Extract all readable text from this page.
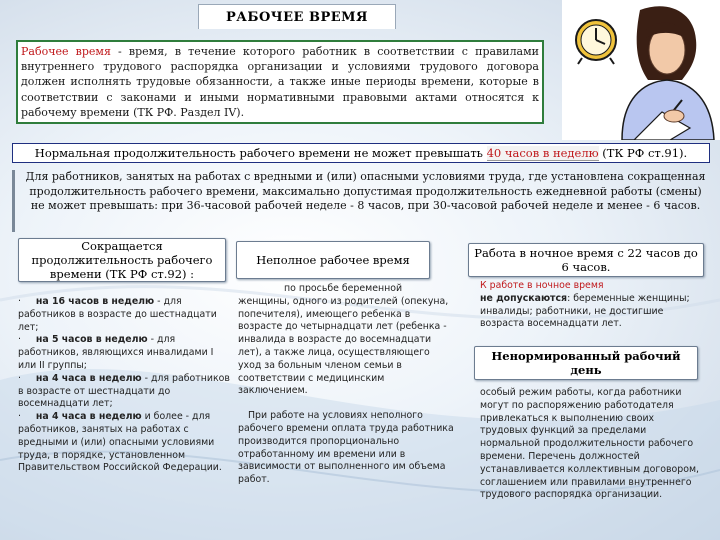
РАБОЧЕЕ ВРЕМЯ
Рабочее время - время, в течение которого работник в соответствии с правилами внутреннего трудового распорядка организации и условиями трудового договора должен исполнять трудовые обязанности, а также иные периоды времени, которые в соответствии с законами и иными нормативными правовыми актами относятся к рабочему времени (ТК РФ. Раздел IV).
Нормальная продолжительность рабочего времени не может превышать 40 часов в неделю (ТК РФ ст.91).
Для работников, занятых на работах с вредными и (или) опасными условиями труда, где установлена сокращенная продолжительность рабочего времени, максимально допустимая продолжительность ежедневной работы (смены) не может превышать: при 36-часовой рабочей неделе - 8 часов, при 30-часовой рабочей неделе и менее - 6 часов.
Сокращается продолжительность рабочего времени (ТК РФ ст.92) :
Неполное рабочее время	Работа в ночное время с 22 часов до 6 часов.

· на 16 часов в неделю - для работников в возрасте до шестнадцати лет;

· на 5 часов в неделю - для работников, являющихся инвалидами I или II группы;

· на 4 часа в неделю - для работников в возрасте от шестнадцати до восемнадцати лет;

· на 4 часа в неделю и более - для работников, занятых на работах с вредными и (или) опасными условиями труда, в порядке, установленном Правительством Российской Федерации.

по просьбе беременной женщины, одного из родителей (опекуна, попечителя), имеющего ребенка в возрасте до четырнадцати лет (ребенка - инвалида в возрасте до восемнадцати лет), а также лица, осуществляющего уход за больным членом семьи в соответствии с медицинским заключением.

При работе на условиях неполного рабочего времени оплата труда работника производится пропорционально отработанному им времени или в зависимости от выполненного им объема работ.

К работе в ночное время
не допускаются: беременные женщины; инвалиды; работники, не достигшие возраста восемнадцати лет.
Ненормированный рабочий день
особый режим работы, когда работники могут по распоряжению работодателя привлекаться к выполнению своих трудовых функций за пределами нормальной продолжительности рабочего времени. Перечень должностей устанавливается коллективным договором, соглашением или правилами внутреннего трудового распорядка организации.
